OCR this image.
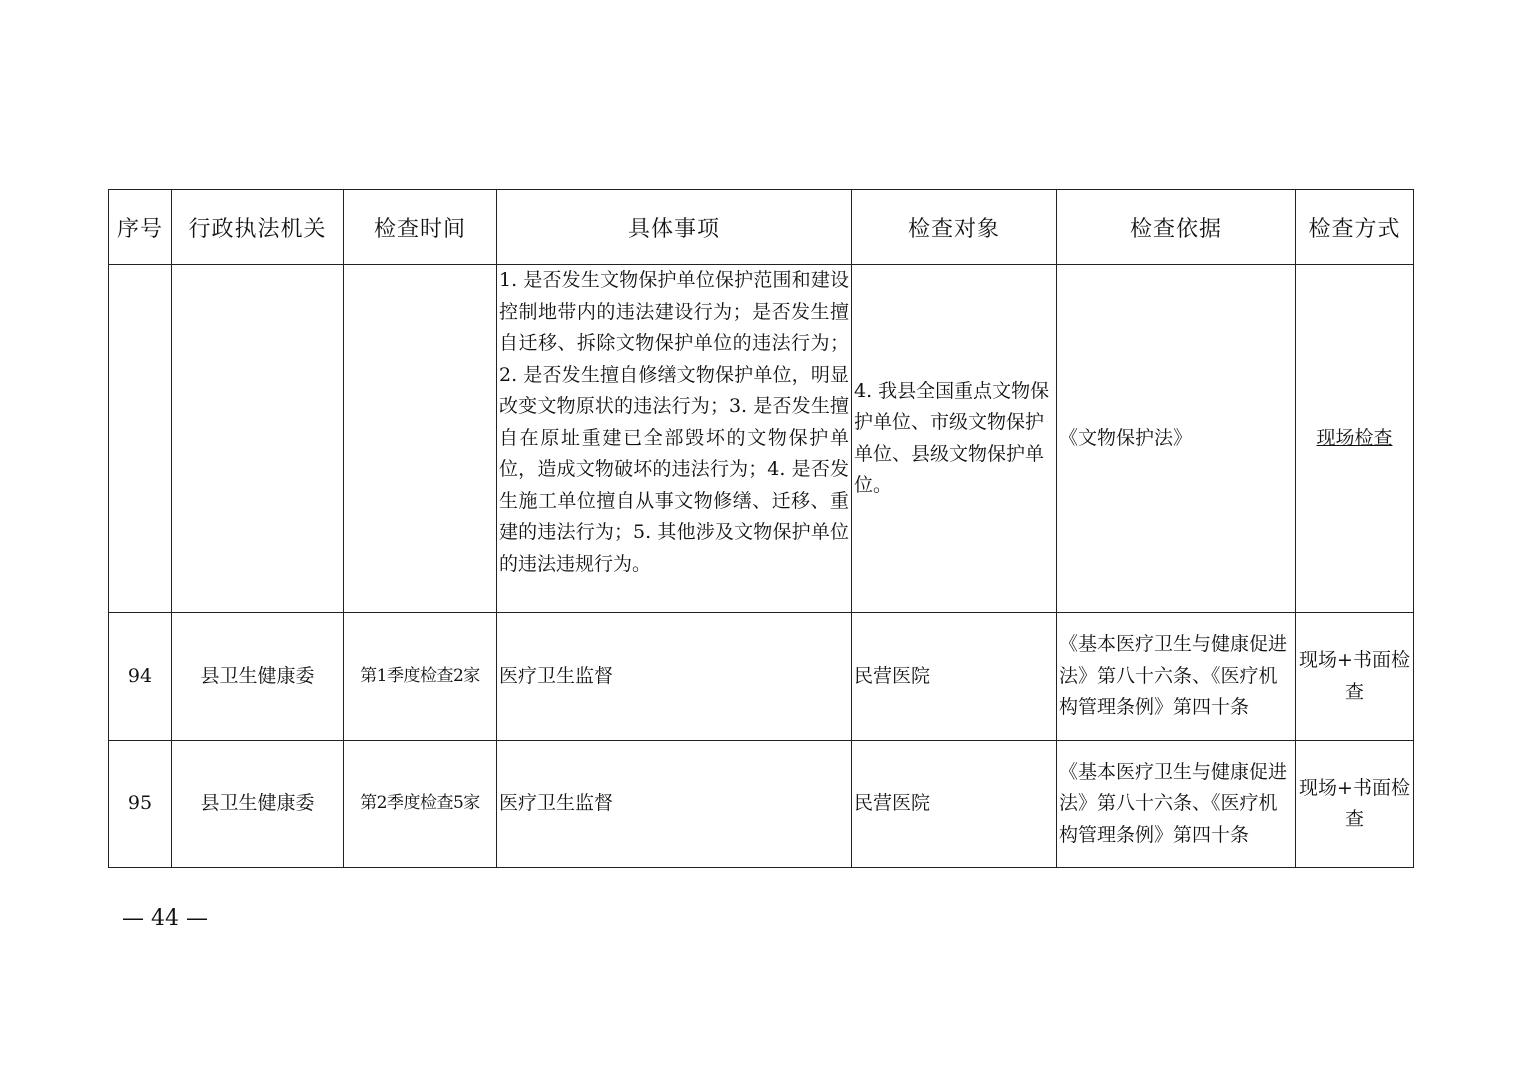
序号	行政执法机关	检查时间	具体事项	检查对象	检查依据	检查方式
			1. 是否发生文物保护单位保护范围和建设控制地带内的违法建设行为；是否发生擅自迁移、拆除文物保护单位的违法行为；2. 是否发生擅自修缮文物保护单位，明显改变文物原状的违法行为；3. 是否发生擅自在原址重建已全部毁坏的文物保护单位，造成文物破坏的违法行为；4. 是否发生施工单位擅自从事文物修缮、迁移、重建的违法行为；5. 其他涉及文物保护单位的违法违规行为。	4. 我县全国重点文物保护单位、市级文物保护单位、县级文物保护单位。	《文物保护法》	现场检查
94	县卫生健康委	第1季度检查2家	医疗卫生监督	民营医院	《基本医疗卫生与健康促进法》第八十六条、《医疗机构管理条例》第四十条	现场+书面检查
95	县卫生健康委	第2季度检查5家	医疗卫生监督	民营医院	《基本医疗卫生与健康促进法》第八十六条、《医疗机构管理条例》第四十条	现场+书面检查
— 44 —
